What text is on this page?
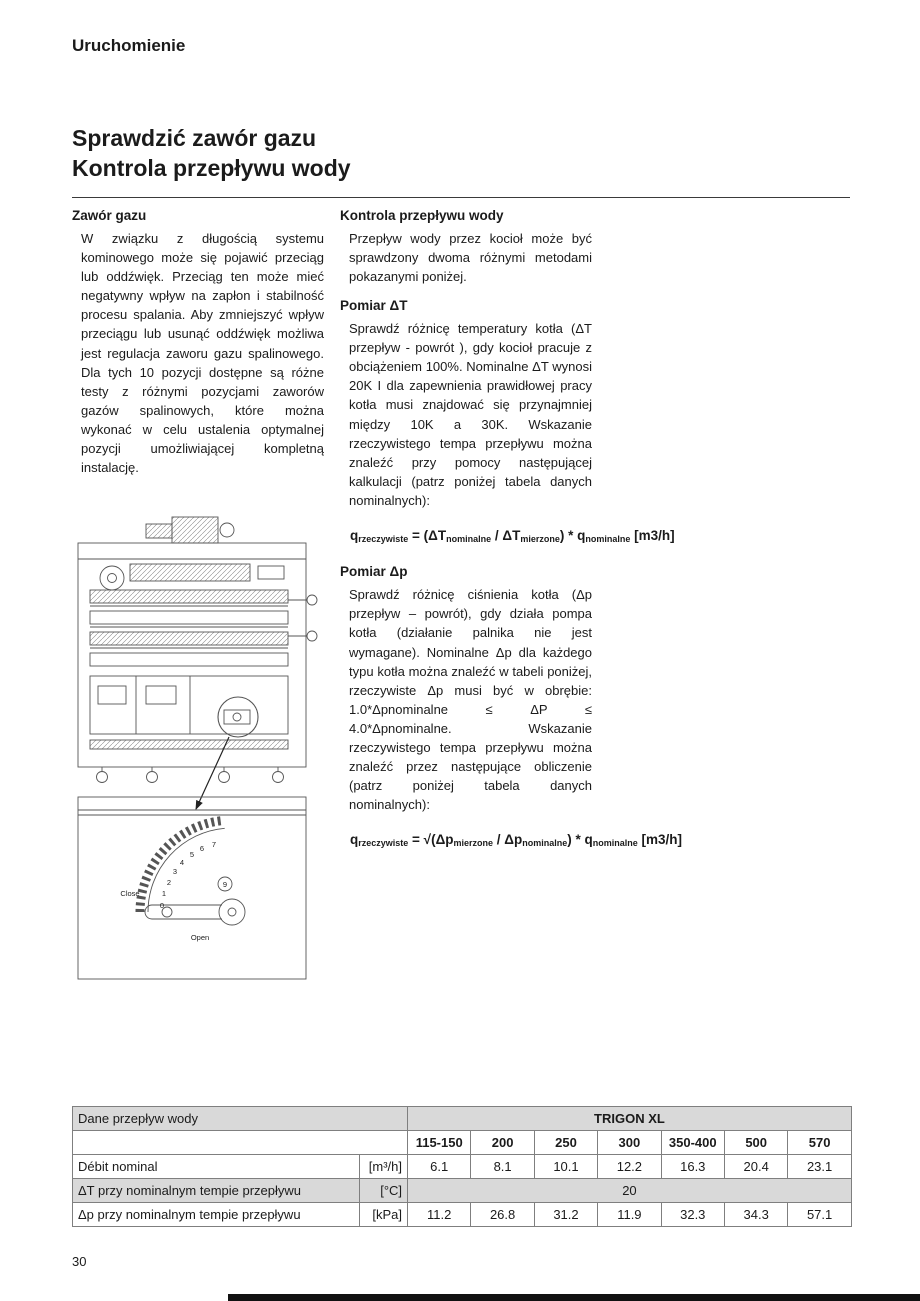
Uruchomienie
Sprawdzić zawór gazu
Kontrola przepływu wody
Zawór gazu

W związku z długością systemu kominowego może się pojawić przeciąg lub oddźwięk. Przeciąg ten może mieć negatywny wpływ na zapłon i stabilność procesu spalania. Aby zmniejszyć wpływ przeciągu lub usunąć oddźwięk możliwa jest regulacja zaworu gazu spalinowego. Dla tych 10 pozycji dostępne są różne testy z różnymi pozycjami zaworów gazów spalinowych, które można wykonać w celu ustalenia optymalnej pozycji umożliwiającej kompletną instalację.

Close
0
1
2
3
4
5
6 7
9
Open
Kontrola przepływu wody

Przepływ wody przez kocioł może być sprawdzony dwoma różnymi metodami pokazanymi poniżej.

Pomiar ΔT

Sprawdź różnicę temperatury kotła (ΔT przepływ - powrót ), gdy kocioł pracuje z obciążeniem 100%. Nominalne ΔT wynosi 20K I dla zapewnienia prawidłowej pracy kotła musi znajdować się przynajmniej między 10K a 30K. Wskazanie rzeczywistego tempa przepływu można znaleźć przy pomocy następującej kalkulacji (patrz poniżej tabela danych nominalnych):

$q_{rzeczywiste} = (\Delta T_{nominalne} / \Delta T_{mierzone}) * q_{nominalne}$ [m3/h]
Pomiar Δp

Sprawdź różnicę ciśnienia kotła (Δp przepływ – powrót), gdy działa pompa kotła (działanie palnika nie jest wymagane). Nominalne Δp dla każdego typu kotła można znaleźć w tabeli poniżej, rzeczywiste Δp musi być w obrębie: 1.0*Δpnominalne ≤ ΔP ≤ 4.0*Δpnominalne. Wskazanie rzeczywistego tempa przepływu można znaleźć przez następujące obliczenie (patrz poniżej tabela danych nominalnych):

$q_{rzeczywiste} = √(\Delta p_{mierzone} / \Delta p_{nominalne}) * q_{nominalne}$ [m3/h]
Dane przepływ wody		TRIGON XL						
		115-150	200	250	300	350-400	500	570
Débit nominal	[m³/h]	6.1	8.1	10.1	12.2	16.3	20.4	23.1
ΔT przy nominalnym tempie przepływu	[°C]	20						
Δp przy nominalnym tempie przepływu	[kPa]	11.2	26.8	31.2	11.9	32.3	34.3	57.1
30
